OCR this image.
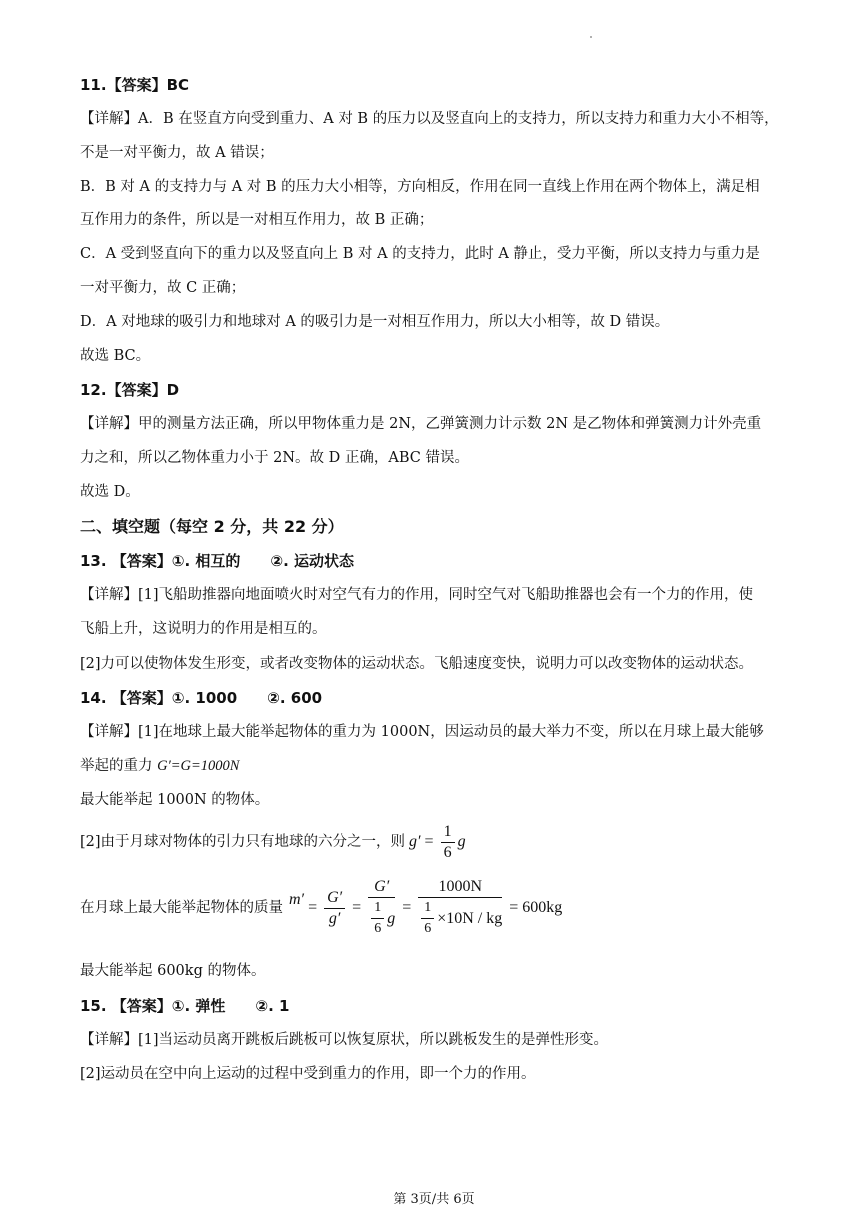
11.【答案】BC
【详解】A．B 在竖直方向受到重力、A 对 B 的压力以及竖直向上的支持力，所以支持力和重力大小不相等，
不是一对平衡力，故 A 错误；
B．B 对 A 的支持力与 A 对 B 的压力大小相等，方向相反，作用在同一直线上作用在两个物体上，满足相
互作用力的条件，所以是一对相互作用力，故 B 正确；
C．A 受到竖直向下的重力以及竖直向上 B 对 A 的支持力，此时 A 静止，受力平衡，所以支持力与重力是
一对平衡力，故 C 正确；
D．A 对地球的吸引力和地球对 A 的吸引力是一对相互作用力，所以大小相等，故 D 错误。
故选 BC。
12.【答案】D
【详解】甲的测量方法正确，所以甲物体重力是 2N，乙弹簧测力计示数 2N 是乙物体和弹簧测力计外壳重
力之和，所以乙物体重力小于 2N。故 D 正确，ABC 错误。
故选 D。
二、填空题（每空 2 分，共 22 分）
13. 【答案】①. 相互的　　②. 运动状态
【详解】[1]飞船助推器向地面喷火时对空气有力的作用，同时空气对飞船助推器也会有一个力的作用，使
飞船上升，这说明力的作用是相互的。
[2]力可以使物体发生形变，或者改变物体的运动状态。飞船速度变快，说明力可以改变物体的运动状态。
14. 【答案】①. 1000　　②. 600
【详解】[1]在地球上最大能举起物体的重力为 1000N，因运动员的最大举力不变，所以在月球上最大能够
举起的重力 G′=G=1000N
最大能举起 1000N 的物体。
[2]由于月球对物体的引力只有地球的六分之一，则 $g' = \frac{1}{6}$ g
在月球上最大能举起物体的质量 $m' = \frac{G'}{g'} = \frac{G'}{\frac{1}{6} g} = \frac{1000N}{\frac{1}{6} \times 10N / kg} = 600kg$
最大能举起 600kg 的物体。
15. 【答案】①. 弹性　　②. 1
【详解】[1]当运动员离开跳板后跳板可以恢复原状，所以跳板发生的是弹性形变。
[2]运动员在空中向上运动的过程中受到重力的作用，即一个力的作用。
第 3页/共 6页
